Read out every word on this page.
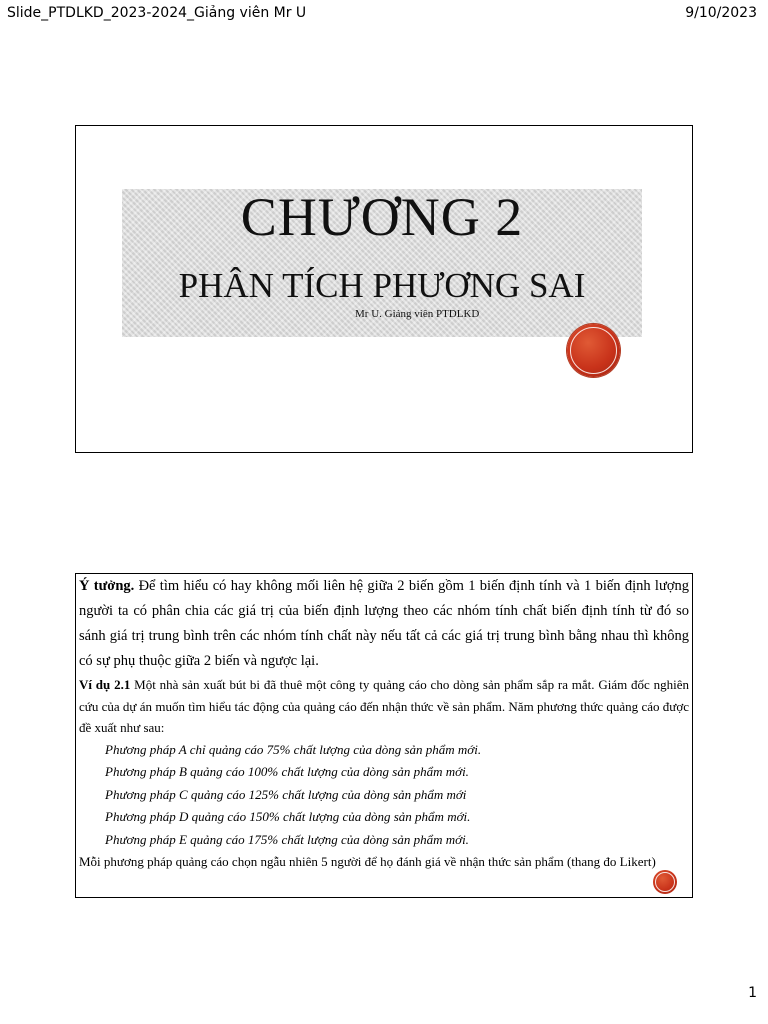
Slide_PTDLKD_2023-2024_Giảng viên Mr U	9/10/2023
CHƯƠNG 2
PHÂN TÍCH PHƯƠNG SAI
Mr U. Giảng viên PTDLKD

Ý tưởng. Để tìm hiểu có hay không mối liên hệ giữa 2 biến gồm 1 biến định tính và 1 biến định lượng người ta có phân chia các giá trị của biến định lượng theo các nhóm tính chất biến định tính từ đó so sánh giá trị trung bình trên các nhóm tính chất này nếu tất cả các giá trị trung bình bằng nhau thì không có sự phụ thuộc giữa 2 biến và ngược lại.

Ví dụ 2.1 Một nhà sản xuất bút bi đã thuê một công ty quảng cáo cho dòng sản phẩm sắp ra mắt. Giám đốc nghiên cứu của dự án muốn tìm hiểu tác động của quảng cáo đến nhận thức về sản phẩm. Năm phương thức quảng cáo được đề xuất như sau:

Phương pháp A chỉ quảng cáo 75% chất lượng của dòng sản phẩm mới.
Phương pháp B quảng cáo 100% chất lượng của dòng sản phẩm mới.
Phương pháp C quảng cáo 125% chất lượng của dòng sản phẩm mới
Phương pháp D quảng cáo 150% chất lượng của dòng sản phẩm mới.
Phương pháp E quảng cáo 175% chất lượng của dòng sản phẩm mới.

Mỗi phương pháp quảng cáo chọn ngẫu nhiên 5 người để họ đánh giá về nhận thức sản phẩm (thang đo Likert)

1
